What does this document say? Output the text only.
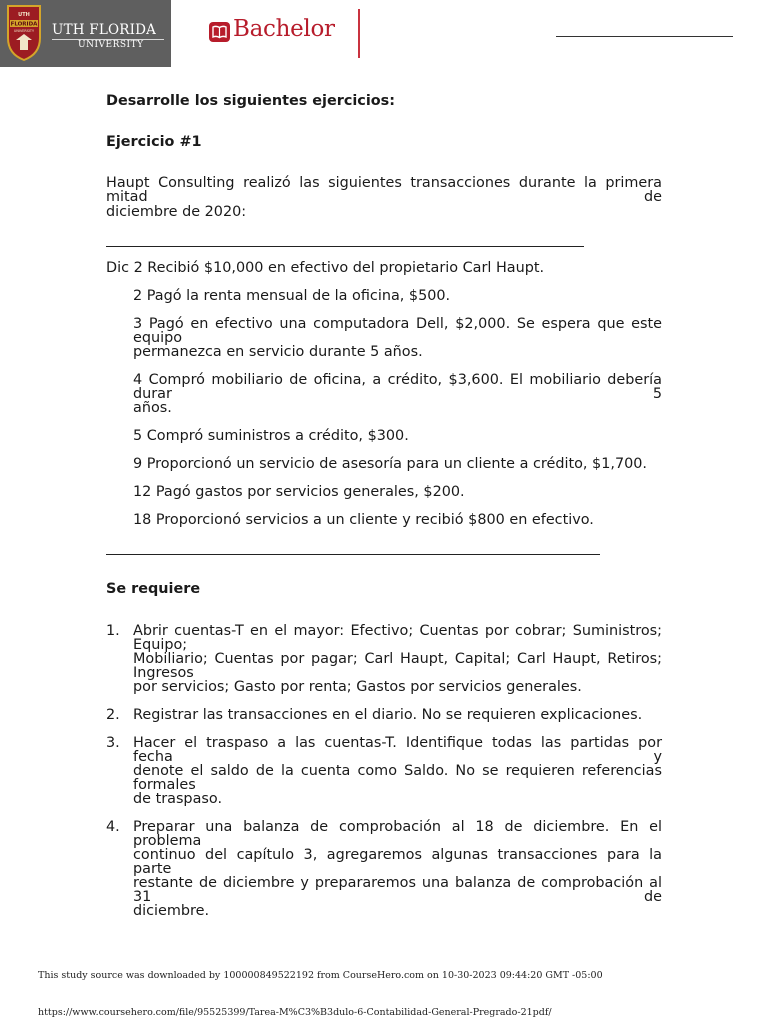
UTH
FLORIDA
UNIVERSITY UTH FLORIDA
UNIVERSITY
Bachelor
Desarrolle los siguientes ejercicios:
Ejercicio #1
Haupt Consulting realizó las siguientes transacciones durante la primera mitad de
diciembre de 2020:
Dic 2 Recibió $10,000 en efectivo del propietario Carl Haupt.
2 Pagó la renta mensual de la oficina, $500.
3 Pagó en efectivo una computadora Dell, $2,000. Se espera que este equipo
permanezca en servicio durante 5 años.
4 Compró mobiliario de oficina, a crédito, $3,600. El mobiliario debería durar 5
años.
5 Compró suministros a crédito, $300.
9 Proporcionó un servicio de asesoría para un cliente a crédito, $1,700.
12 Pagó gastos por servicios generales, $200.
18 Proporcionó servicios a un cliente y recibió $800 en efectivo.
Se requiere
1. Abrir cuentas-T en el mayor: Efectivo; Cuentas por cobrar; Suministros; Equipo;
Mobiliario; Cuentas por pagar; Carl Haupt, Capital; Carl Haupt, Retiros; Ingresos
por servicios; Gasto por renta; Gastos por servicios generales.
2. Registrar las transacciones en el diario. No se requieren explicaciones.
3. Hacer el traspaso a las cuentas-T. Identifique todas las partidas por fecha y
denote el saldo de la cuenta como Saldo. No se requieren referencias formales
de traspaso.
4. Preparar una balanza de comprobación al 18 de diciembre. En el problema
continuo del capítulo 3, agregaremos algunas transacciones para la parte
restante de diciembre y prepararemos una balanza de comprobación al 31 de
diciembre.
This study source was downloaded by 100000849522192 from CourseHero.com on 10-30-2023 09:44:20 GMT -05:00
https://www.coursehero.com/file/95525399/Tarea-M%C3%B3dulo-6-Contabilidad-General-Pregrado-21pdf/
